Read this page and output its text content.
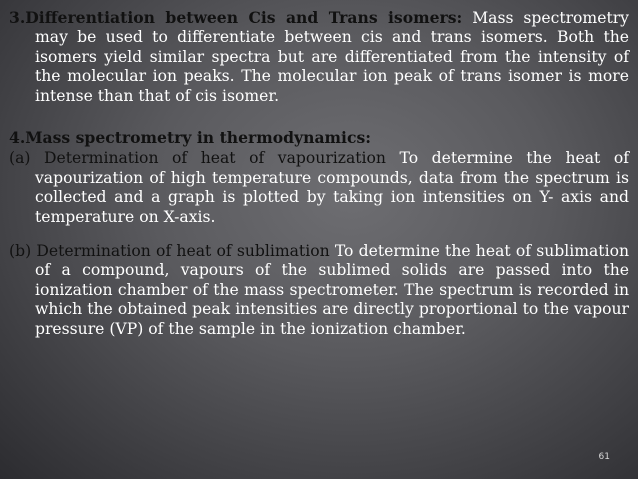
3.Differentiation between Cis and Trans isomers: Mass spectrometry may be used to differentiate between cis and trans isomers. Both the isomers yield similar spectra but are differentiated from the intensity of the molecular ion peaks. The molecular ion peak of trans isomer is more intense than that of cis isomer.

4.Mass spectrometry in thermodynamics:

(a) Determination of heat of vapourization To determine the heat of vapourization of high temperature compounds, data from the spectrum is collected and a graph is plotted by taking ion intensities on Y- axis and temperature on X-axis.

(b) Determination of heat of sublimation To determine the heat of sublimation of a compound, vapours of the sublimed solids are passed into the ionization chamber of the mass spectrometer. The spectrum is recorded in which the obtained peak intensities are directly proportional to the vapour pressure (VP) of the sample in the ionization chamber.

61
